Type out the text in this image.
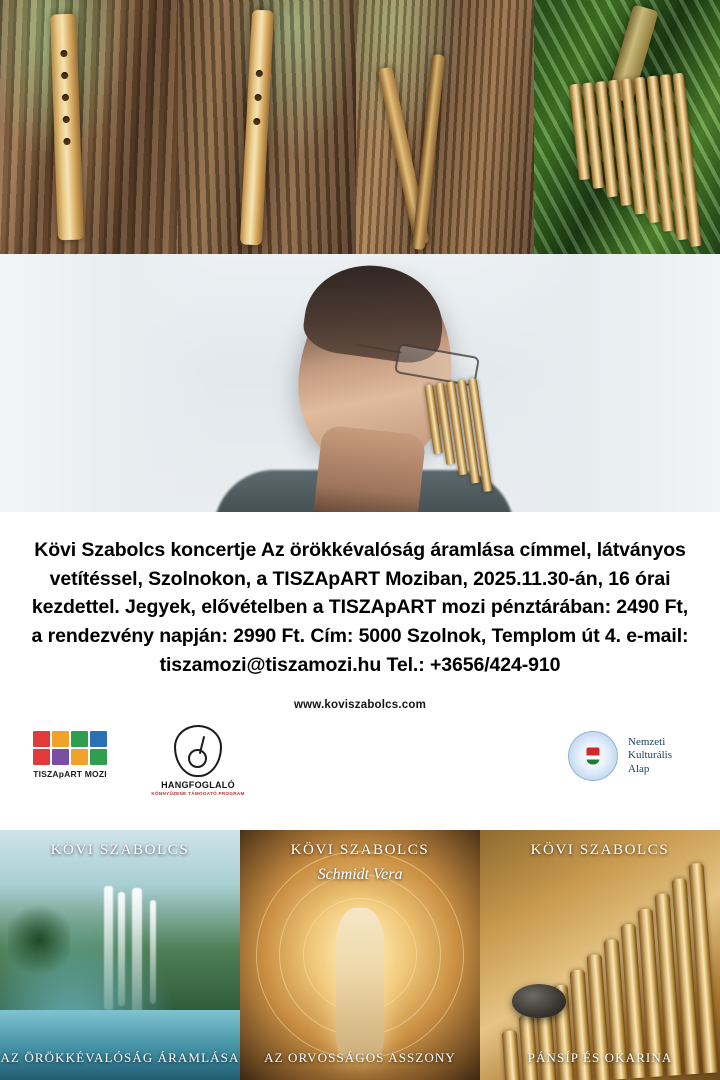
Kövi Szabolcs koncertje Az örökkévalóság áramlása címmel, látványos vetítéssel, Szolnokon, a TISZApART Moziban, 2025.11.30-án, 16 órai kezdettel. Jegyek, elővételben a TISZApART mozi pénztárában: 2490 Ft, a rendezvény napján: 2990 Ft. Cím: 5000 Szolnok, Templom út 4. e-mail: tiszamozi@tiszamozi.hu Tel.: +3656/424-910

www.koviszabolcs.com
TISZApART MOZI
HANGFOGLALÓ
KÖNNYŰZENE TÁMOGATÓ PROGRAM
Nemzeti
Kulturális
Alap
KÖVI SZABOLCS
AZ ÖRÖKKÉVALÓSÁG ÁRAMLÁSA
KÖVI SZABOLCS
Schmidt Vera
AZ ORVOSSÁGOS ASSZONY
KÖVI SZABOLCS
PÁNSÍP ÉS OKARINA
